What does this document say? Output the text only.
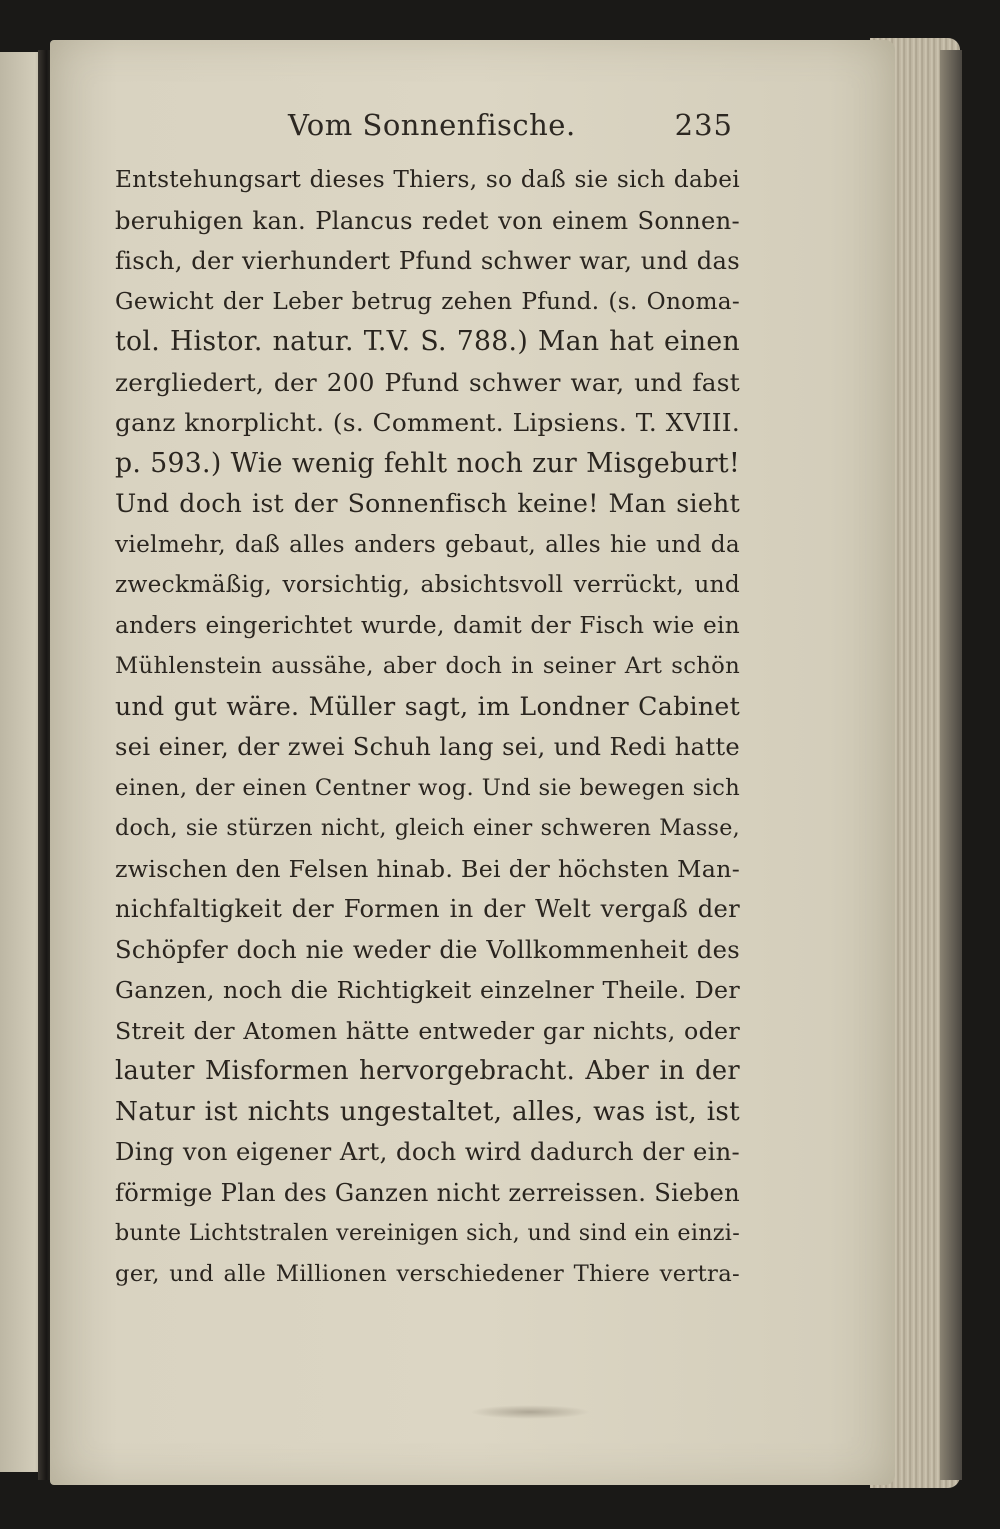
Vom Sonnenfische.	235
Entstehungsart dieses Thiers, so daß sie sich dabei
beruhigen kan. Plancus redet von einem Sonnen-
fisch, der vierhundert Pfund schwer war, und das
Gewicht der Leber betrug zehen Pfund. (s. Onoma-
tol. Histor. natur. T.V. S. 788.) Man hat einen
zergliedert, der 200 Pfund schwer war, und fast
ganz knorplicht. (s. Comment. Lipsiens. T. XVIII.
p. 593.) Wie wenig fehlt noch zur Misgeburt!
Und doch ist der Sonnenfisch keine! Man sieht
vielmehr, daß alles anders gebaut, alles hie und da
zweckmäßig, vorsichtig, absichtsvoll verrückt, und
anders eingerichtet wurde, damit der Fisch wie ein
Mühlenstein aussähe, aber doch in seiner Art schön
und gut wäre. Müller sagt, im Londner Cabinet
sei einer, der zwei Schuh lang sei, und Redi hatte
einen, der einen Centner wog. Und sie bewegen sich
doch, sie stürzen nicht, gleich einer schweren Masse,
zwischen den Felsen hinab. Bei der höchsten Man-
nichfaltigkeit der Formen in der Welt vergaß der
Schöpfer doch nie weder die Vollkommenheit des
Ganzen, noch die Richtigkeit einzelner Theile. Der
Streit der Atomen hätte entweder gar nichts, oder
lauter Misformen hervorgebracht. Aber in der
Natur ist nichts ungestaltet, alles, was ist, ist
Ding von eigener Art, doch wird dadurch der ein-
förmige Plan des Ganzen nicht zerreissen. Sieben
bunte Lichtstralen vereinigen sich, und sind ein einzi-
ger, und alle Millionen verschiedener Thiere vertra-
